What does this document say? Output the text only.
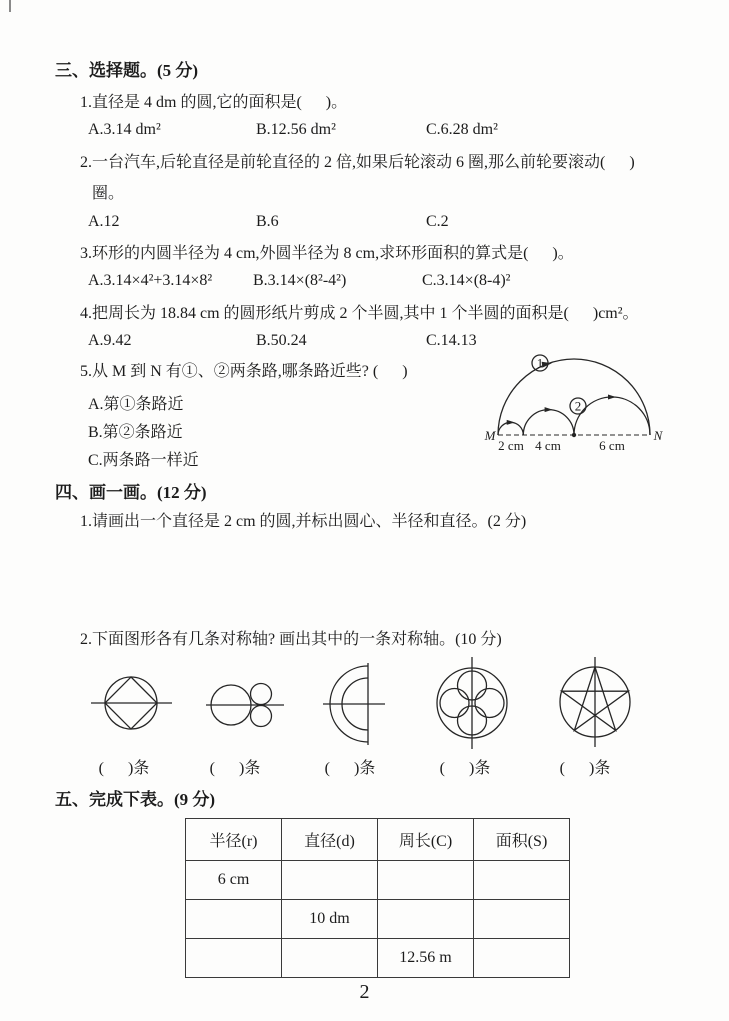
三、选择题。(5 分)
1.直径是 4 dm 的圆,它的面积是(      )。
A.3.14 dm²	B.12.56 dm²	C.6.28 dm²
2.一台汽车,后轮直径是前轮直径的 2 倍,如果后轮滚动 6 圈,那么前轮要滚动(      )
圈。
A.12	B.6	C.2
3.环形的内圆半径为 4 cm,外圆半径为 8 cm,求环形面积的算式是(      )。
A.3.14×4²+3.14×8²	B.3.14×(8²-4²)	C.3.14×(8-4)²
4.把周长为 18.84 cm 的圆形纸片剪成 2 个半圆,其中 1 个半圆的面积是(      )cm²。
A.9.42	B.50.24	C.14.13
5.从 M 到 N 有①、②两条路,哪条路近些? (      )
A.第①条路近
B.第②条路近
C.两条路一样近
1
2
M	N
2 cm 4 cm	6 cm
四、画一画。(12 分)
1.请画出一个直径是 2 cm 的圆,并标出圆心、半径和直径。(2 分)
2.下面图形各有几条对称轴? 画出其中的一条对称轴。(10 分)
(      )条	(      )条	(      )条	(      )条	(      )条
五、完成下表。(9 分)
半径(r)	直径(d)	周长(C)	面积(S)
6 cm			
	10 dm		
		12.56 m	
2
